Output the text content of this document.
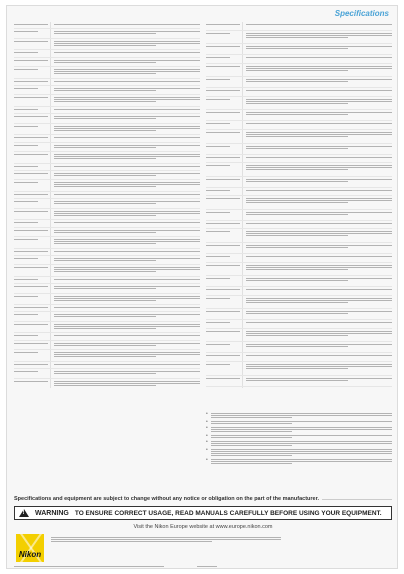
Specifications
•
•
•
•
•
•
•
Specifications and equipment are subject to change without any notice or obligation on the part of the manufacturer.
!
WARNING TO ENSURE CORRECT USAGE, READ MANUALS CAREFULLY BEFORE USING YOUR EQUIPMENT.
Visit the Nikon Europe website at www.europe.nikon.com
Nikon
